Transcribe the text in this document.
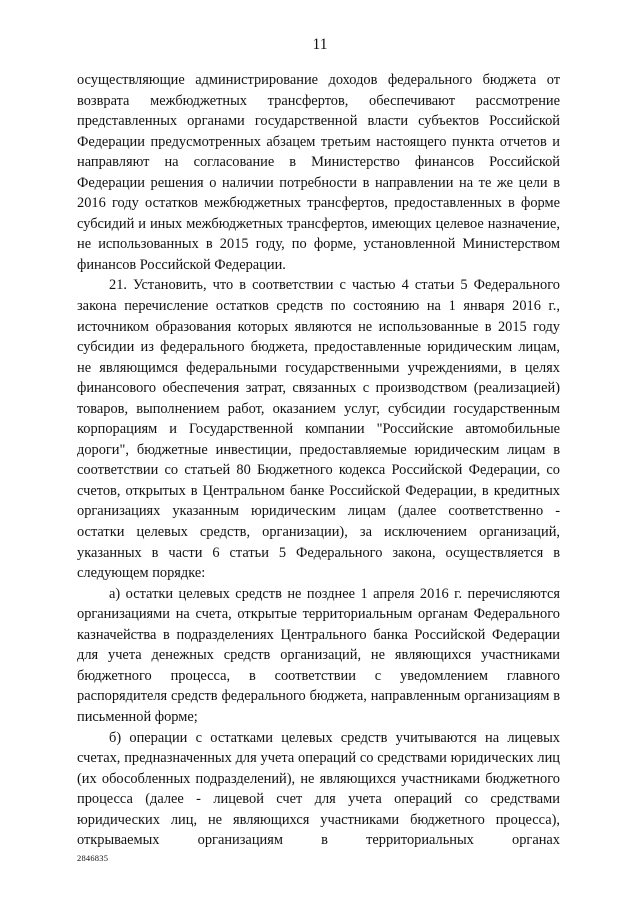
11

осуществляющие администрирование доходов федерального бюджета от возврата межбюджетных трансфертов, обеспечивают рассмотрение представленных органами государственной власти субъектов Российской Федерации предусмотренных абзацем третьим настоящего пункта отчетов и направляют на согласование в Министерство финансов Российской Федерации решения о наличии потребности в направлении на те же цели в 2016 году остатков межбюджетных трансфертов, предоставленных в форме субсидий и иных межбюджетных трансфертов, имеющих целевое назначение, не использованных в 2015 году, по форме, установленной Министерством финансов Российской Федерации.

21. Установить, что в соответствии с частью 4 статьи 5 Федерального закона перечисление остатков средств по состоянию на 1 января 2016 г., источником образования которых являются не использованные в 2015 году субсидии из федерального бюджета, предоставленные юридическим лицам, не являющимся федеральными государственными учреждениями, в целях финансового обеспечения затрат, связанных с производством (реализацией) товаров, выполнением работ, оказанием услуг, субсидии государственным корпорациям и Государственной компании "Российские автомобильные дороги", бюджетные инвестиции, предоставляемые юридическим лицам в соответствии со статьей 80 Бюджетного кодекса Российской Федерации, со счетов, открытых в Центральном банке Российской Федерации, в кредитных организациях указанным юридическим лицам (далее соответственно - остатки целевых средств, организации), за исключением организаций, указанных в части 6 статьи 5 Федерального закона, осуществляется в следующем порядке:

а) остатки целевых средств не позднее 1 апреля 2016 г. перечисляются организациями на счета, открытые территориальным органам Федерального казначейства в подразделениях Центрального банка Российской Федерации для учета денежных средств организаций, не являющихся участниками бюджетного процесса, в соответствии с уведомлением главного распорядителя средств федерального бюджета, направленным организациям в письменной форме;

б) операции с остатками целевых средств учитываются на лицевых счетах, предназначенных для учета операций со средствами юридических лиц (их обособленных подразделений), не являющихся участниками бюджетного процесса (далее - лицевой счет для учета операций со средствами юридических лиц, не являющихся участниками бюджетного процесса), открываемых организациям в территориальных органах

2846835
